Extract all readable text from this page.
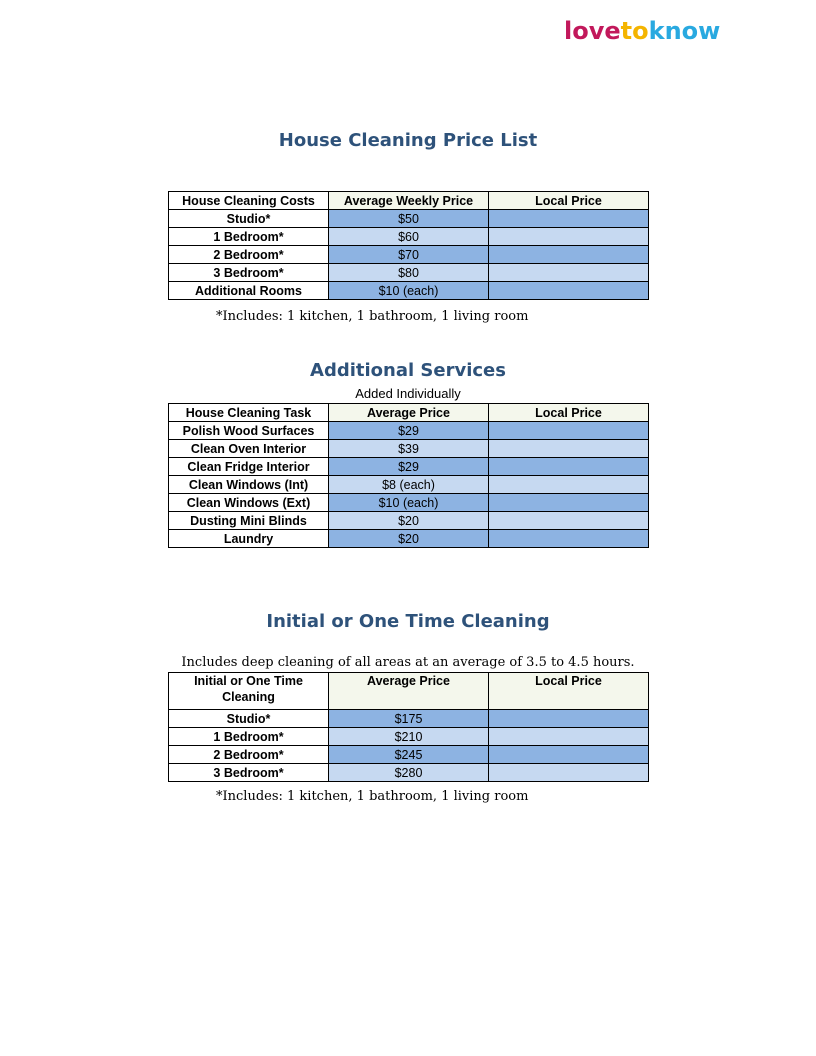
lovetoknow
House Cleaning Price List
House Cleaning Costs	Average Weekly Price	Local Price
Studio*	$50	
1 Bedroom*	$60	
2 Bedroom*	$70	
3 Bedroom*	$80	
Additional Rooms	$10 (each)	
*Includes: 1 kitchen, 1 bathroom, 1 living room
Additional Services
Added Individually
House Cleaning Task	Average Price	Local Price
Polish Wood Surfaces	$29	
Clean Oven Interior	$39	
Clean Fridge Interior	$29	
Clean Windows (Int)	$8 (each)	
Clean Windows (Ext)	$10 (each)	
Dusting Mini Blinds	$20	
Laundry	$20	
Initial or One Time Cleaning
Includes deep cleaning of all areas at an average of 3.5 to 4.5 hours.
Initial or One Time Cleaning	Average Price	Local Price
Studio*	$175	
1 Bedroom*	$210	
2 Bedroom*	$245	
3 Bedroom*	$280	
*Includes: 1 kitchen, 1 bathroom, 1 living room
